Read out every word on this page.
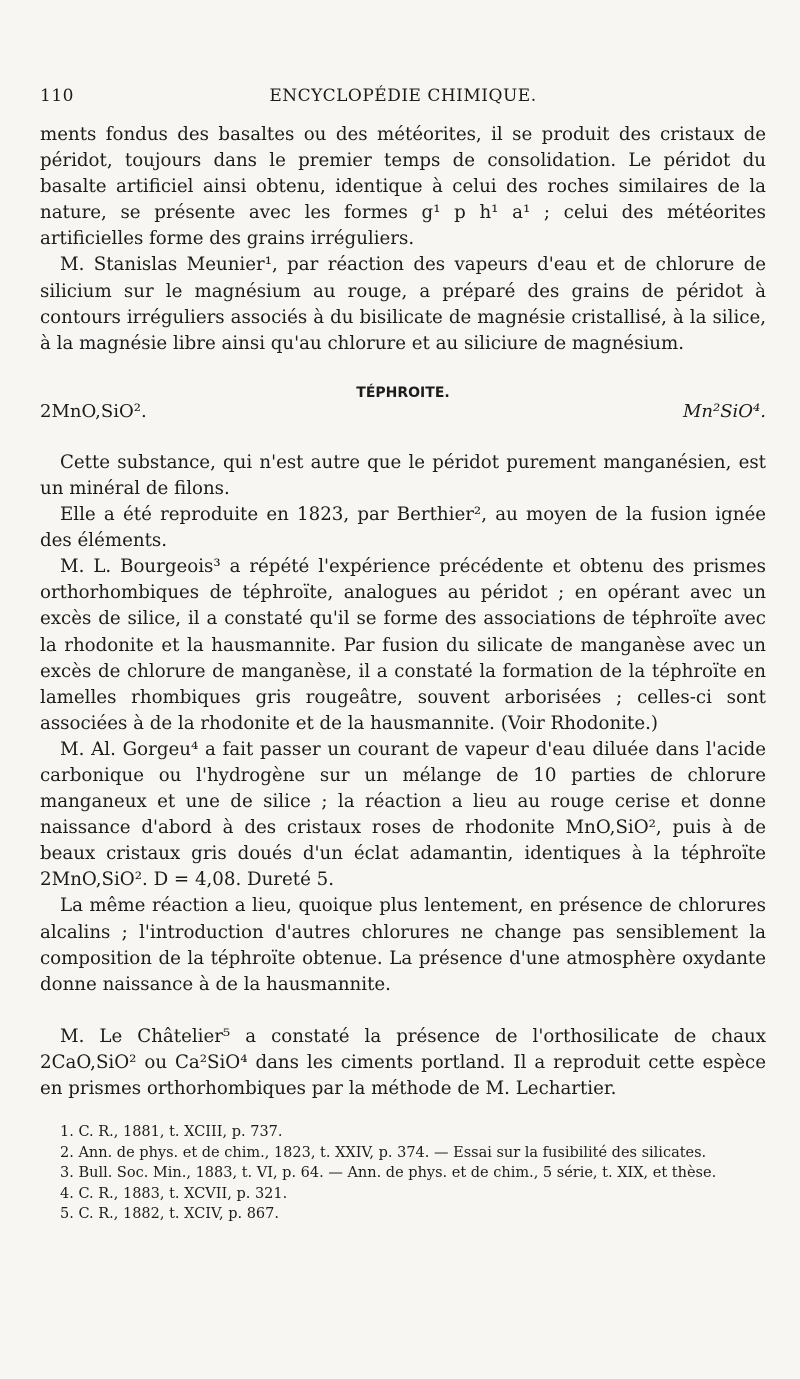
110	ENCYCLOPÉDIE CHIMIQUE.

ments fondus des basaltes ou des météorites, il se produit des cristaux de péridot, toujours dans le premier temps de consolidation. Le péridot du basalte artificiel ainsi obtenu, identique à celui des roches similaires de la nature, se présente avec les formes g¹ p h¹ a¹ ; celui des météorites artificielles forme des grains irréguliers.

M. Stanislas Meunier¹, par réaction des vapeurs d'eau et de chlorure de silicium sur le magnésium au rouge, a préparé des grains de péridot à contours irréguliers associés à du bisilicate de magnésie cristallisé, à la silice, à la magnésie libre ainsi qu'au chlorure et au siliciure de magnésium.

TÉPHROITE.
2MnO,SiO².	Mn²SiO⁴.

Cette substance, qui n'est autre que le péridot purement manganésien, est un minéral de filons.

Elle a été reproduite en 1823, par Berthier², au moyen de la fusion ignée des éléments.

M. L. Bourgeois³ a répété l'expérience précédente et obtenu des prismes orthorhombiques de téphroïte, analogues au péridot ; en opérant avec un excès de silice, il a constaté qu'il se forme des associations de téphroïte avec la rhodonite et la hausmannite. Par fusion du silicate de manganèse avec un excès de chlorure de manganèse, il a constaté la formation de la téphroïte en lamelles rhombiques gris rougeâtre, souvent arborisées ; celles-ci sont associées à de la rhodonite et de la hausmannite. (Voir Rhodonite.)

M. Al. Gorgeu⁴ a fait passer un courant de vapeur d'eau diluée dans l'acide carbonique ou l'hydrogène sur un mélange de 10 parties de chlorure manganeux et une de silice ; la réaction a lieu au rouge cerise et donne naissance d'abord à des cristaux roses de rhodonite MnO,SiO², puis à de beaux cristaux gris doués d'un éclat adamantin, identiques à la téphroïte 2MnO,SiO². D = 4,08. Dureté 5.

La même réaction a lieu, quoique plus lentement, en présence de chlorures alcalins ; l'introduction d'autres chlorures ne change pas sensiblement la composition de la téphroïte obtenue. La présence d'une atmosphère oxydante donne naissance à de la hausmannite.

M. Le Châtelier⁵ a constaté la présence de l'orthosilicate de chaux 2CaO,SiO² ou Ca²SiO⁴ dans les ciments portland. Il a reproduit cette espèce en prismes orthorhombiques par la méthode de M. Lechartier.

1. C. R., 1881, t. XCIII, p. 737.

2. Ann. de phys. et de chim., 1823, t. XXIV, p. 374. — Essai sur la fusibilité des silicates.

3. Bull. Soc. Min., 1883, t. VI, p. 64. — Ann. de phys. et de chim., 5 série, t. XIX, et thèse.

4. C. R., 1883, t. XCVII, p. 321.

5. C. R., 1882, t. XCIV, p. 867.
